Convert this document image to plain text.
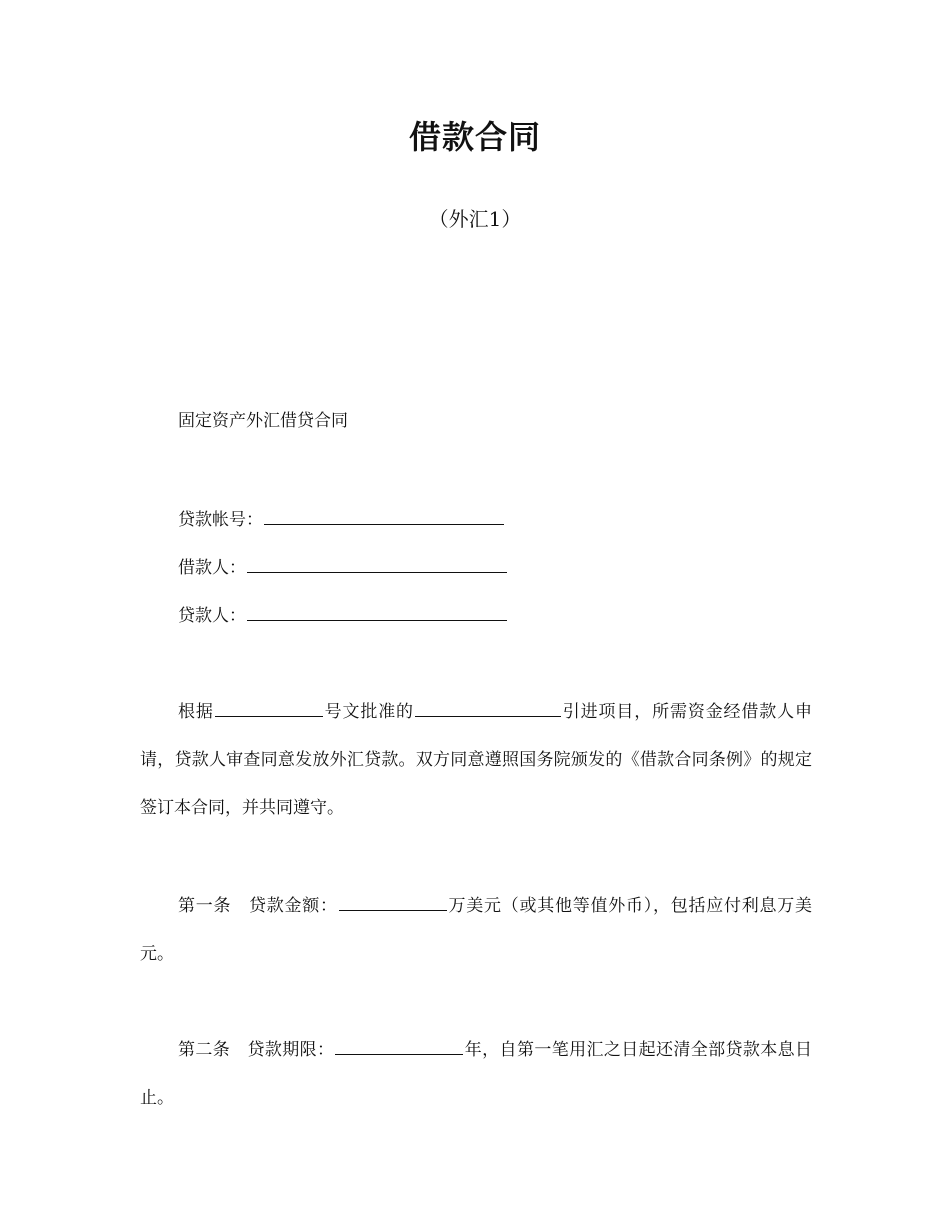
借款合同
（外汇1）
固定资产外汇借贷合同
贷款帐号：
借款人：
贷款人：
根据	号文批准的	引进项目，所需资金经借款人申请，贷款人审查同意发放外汇贷款。双方同意遵照国务院颁发的《借款合同条例》的规定签订本合同，并共同遵守。
第一条　贷款金额：	万美元（或其他等值外币），包括应付利息万美元。
第二条　贷款期限：	年，自第一笔用汇之日起还清全部贷款本息日止。
